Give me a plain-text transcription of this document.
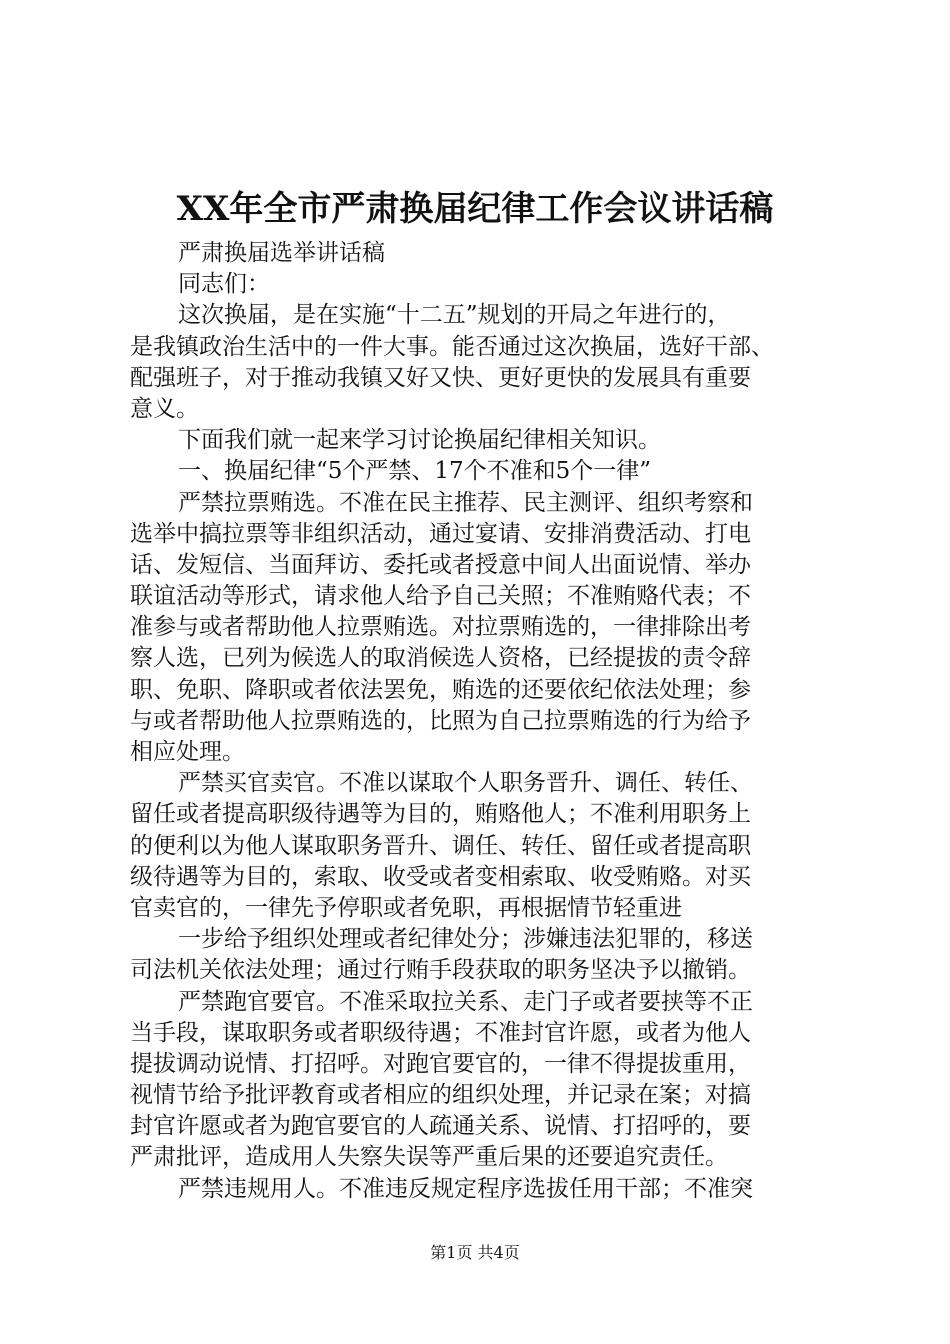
XX年全市严肃换届纪律工作会议讲话稿
严肃换届选举讲话稿
同志们：
这次换届，是在实施“十二五”规划的开局之年进行的，
是我镇政治生活中的一件大事。能否通过这次换届，选好干部、
配强班子，对于推动我镇又好又快、更好更快的发展具有重要
意义。
下面我们就一起来学习讨论换届纪律相关知识。
一、换届纪律“5个严禁、17个不准和5个一律”
严禁拉票贿选。不准在民主推荐、民主测评、组织考察和
选举中搞拉票等非组织活动，通过宴请、安排消费活动、打电
话、发短信、当面拜访、委托或者授意中间人出面说情、举办
联谊活动等形式，请求他人给予自己关照；不准贿赂代表；不
准参与或者帮助他人拉票贿选。对拉票贿选的，一律排除出考
察人选，已列为候选人的取消候选人资格，已经提拔的责令辞
职、免职、降职或者依法罢免，贿选的还要依纪依法处理；参
与或者帮助他人拉票贿选的，比照为自己拉票贿选的行为给予
相应处理。
严禁买官卖官。不准以谋取个人职务晋升、调任、转任、
留任或者提高职级待遇等为目的，贿赂他人；不准利用职务上
的便利以为他人谋取职务晋升、调任、转任、留任或者提高职
级待遇等为目的，索取、收受或者变相索取、收受贿赂。对买
官卖官的，一律先予停职或者免职，再根据情节轻重进
一步给予组织处理或者纪律处分；涉嫌违法犯罪的，移送
司法机关依法处理；通过行贿手段获取的职务坚决予以撤销。
严禁跑官要官。不准采取拉关系、走门子或者要挟等不正
当手段，谋取职务或者职级待遇；不准封官许愿，或者为他人
提拔调动说情、打招呼。对跑官要官的，一律不得提拔重用，
视情节给予批评教育或者相应的组织处理，并记录在案；对搞
封官许愿或者为跑官要官的人疏通关系、说情、打招呼的，要
严肃批评，造成用人失察失误等严重后果的还要追究责任。
严禁违规用人。不准违反规定程序选拔任用干部；不准突
第1页 共4页
